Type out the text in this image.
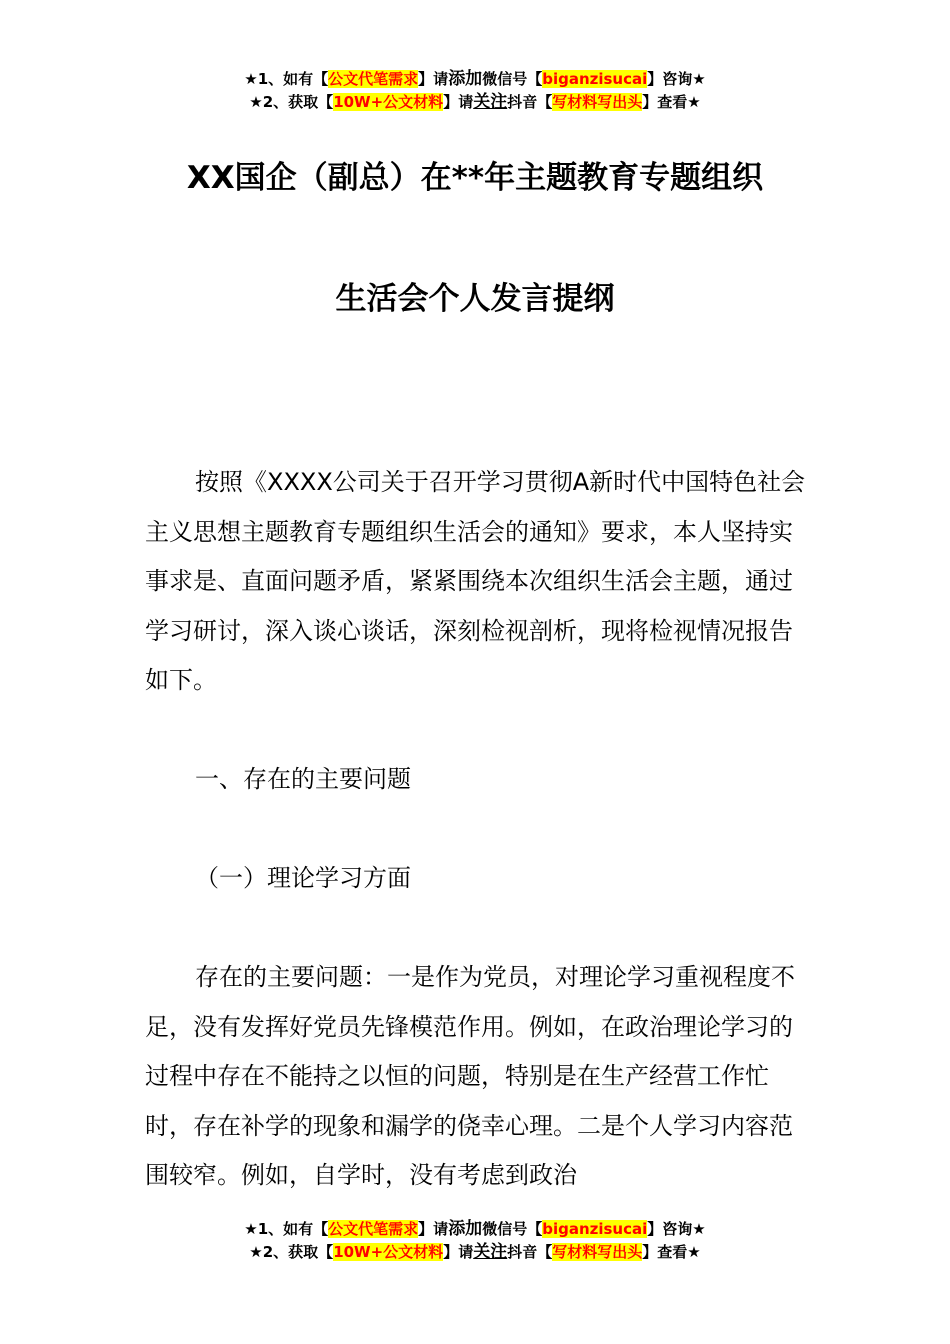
★1、如有【公文代笔需求】请添加微信号【biganzisucai】咨询★
★2、获取【10W+公文材料】请关注抖音【写材料写出头】查看★
XX国企（副总）在**年主题教育专题组织
生活会个人发言提纲

按照《XXXX公司关于召开学习贯彻A新时代中国特色社会主义思想主题教育专题组织生活会的通知》要求，本人坚持实事求是、直面问题矛盾，紧紧围绕本次组织生活会主题，通过学习研讨，深入谈心谈话，深刻检视剖析，现将检视情况报告如下。

一、存在的主要问题

（一）理论学习方面

存在的主要问题：一是作为党员，对理论学习重视程度不足，没有发挥好党员先锋模范作用。例如，在政治理论学习的过程中存在不能持之以恒的问题，特别是在生产经营工作忙时，存在补学的现象和漏学的侥幸心理。二是个人学习内容范围较窄。例如，自学时，没有考虑到政治

★1、如有【公文代笔需求】请添加微信号【biganzisucai】咨询★
★2、获取【10W+公文材料】请关注抖音【写材料写出头】查看★
